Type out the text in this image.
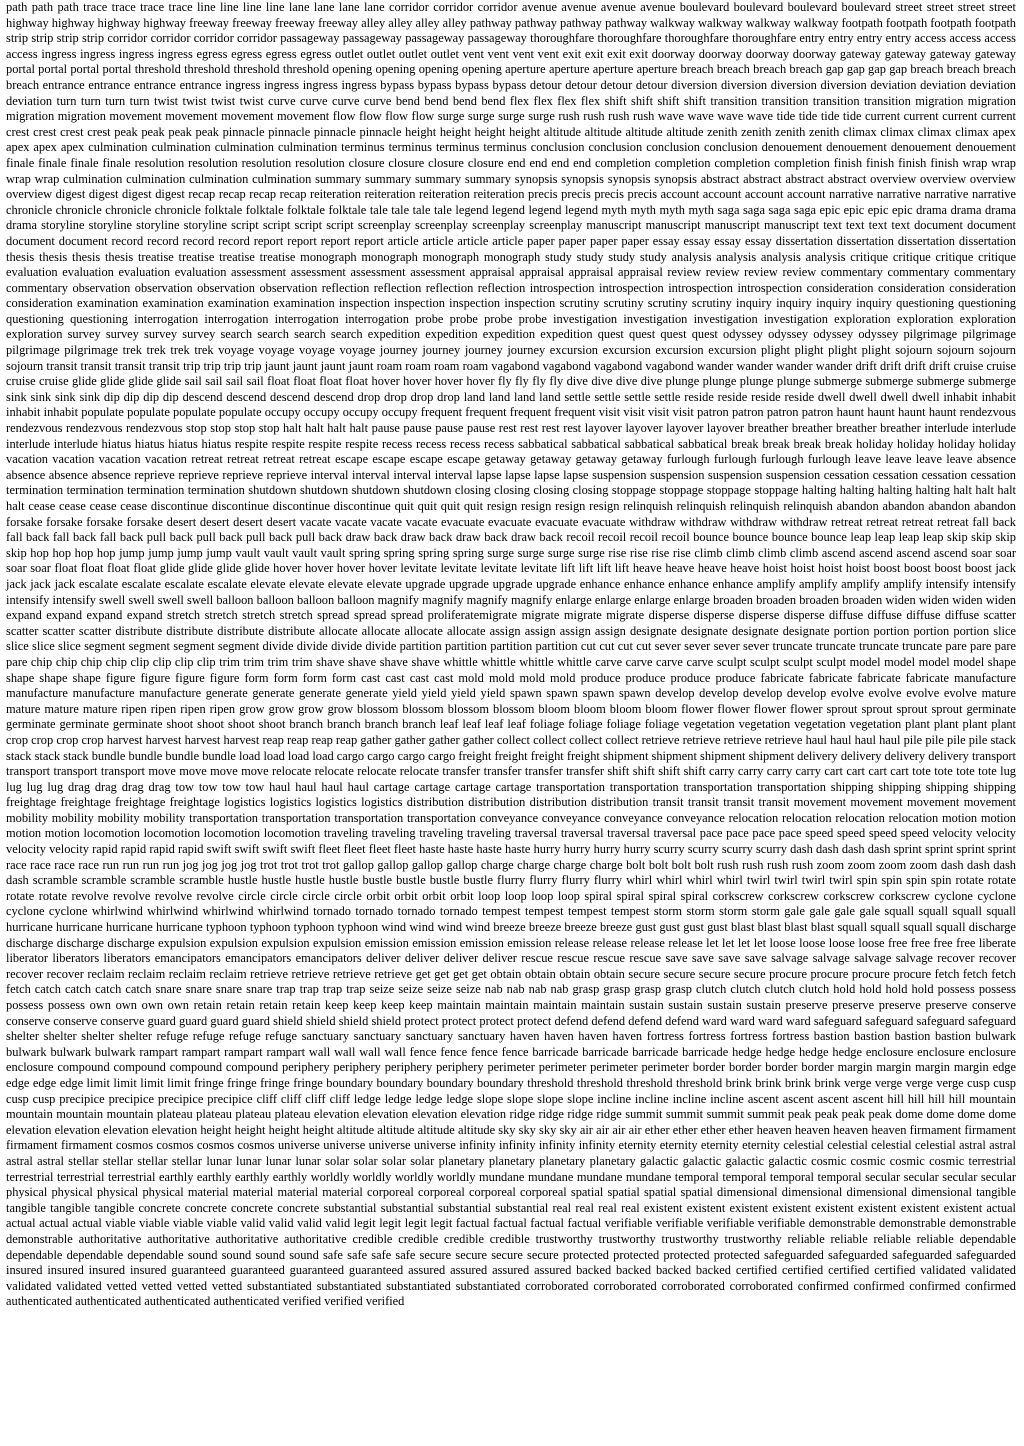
path path path trace trace trace trace line line line line lane lane lane lane corridor corridor corridor avenue avenue avenue avenue boulevard boulevard boulevard boulevard street street street street highway highway highway highway freeway freeway freeway freeway alley alley alley alley pathway pathway pathway pathway walkway walkway walkway walkway footpath footpath footpath footpath strip strip strip strip corridor corridor corridor corridor passageway passageway passageway passageway thoroughfare thoroughfare thoroughfare thoroughfare entry entry entry entry access access access access ingress ingress ingress ingress egress egress egress egress outlet outlet outlet outlet vent vent vent vent exit exit exit exit doorway doorway doorway doorway gateway gateway gateway gateway portal portal portal portal threshold threshold threshold threshold opening opening opening opening aperture aperture aperture aperture breach breach breach breach gap gap gap gap breach breach breach breach entrance entrance entrance entrance ingress ingress ingress ingress bypass bypass bypass bypass detour detour detour detour diversion diversion diversion diversion deviation deviation deviation deviation turn turn turn turn twist twist twist twist curve curve curve curve bend bend bend bend flex flex flex flex shift shift shift shift transition transition transition transition migration migration migration migration movement movement movement movement flow flow flow flow surge surge surge surge rush rush rush rush wave wave wave wave tide tide tide tide current current current current crest crest crest crest peak peak peak peak pinnacle pinnacle pinnacle pinnacle height height height height altitude altitude altitude altitude zenith zenith zenith zenith climax climax climax climax apex apex apex apex culmination culmination culmination culmination terminus terminus terminus terminus conclusion conclusion conclusion conclusion denouement denouement denouement denouement finale finale finale finale resolution resolution resolution resolution closure closure closure closure end end end end completion completion completion completion finish finish finish finish wrap wrap wrap wrap culmination culmination culmination culmination summary summary summary summary synopsis synopsis synopsis synopsis abstract abstract abstract abstract overview overview overview overview digest digest digest digest recap recap recap recap reiteration reiteration reiteration reiteration precis precis precis precis account account account account narrative narrative narrative narrative chronicle chronicle chronicle chronicle folktale folktale folktale folktale tale tale tale tale legend legend legend legend myth myth myth myth saga saga saga saga epic epic epic epic drama drama drama drama storyline storyline storyline storyline script script script script screenplay screenplay screenplay screenplay manuscript manuscript manuscript manuscript text text text text document document document document record record record record report report report report article article article article paper paper paper paper essay essay essay essay dissertation dissertation dissertation dissertation thesis thesis thesis thesis treatise treatise treatise treatise monograph monograph monograph monograph study study study study analysis analysis analysis analysis critique critique critique critique evaluation evaluation evaluation evaluation assessment assessment assessment assessment appraisal appraisal appraisal appraisal review review review review commentary commentary commentary commentary observation observation observation observation reflection reflection reflection reflection introspection introspection introspection introspection consideration consideration consideration consideration examination examination examination examination inspection inspection inspection inspection scrutiny scrutiny scrutiny scrutiny inquiry inquiry inquiry inquiry questioning questioning questioning questioning interrogation interrogation interrogation interrogation probe probe probe probe investigation investigation investigation investigation exploration exploration exploration exploration survey survey survey survey search search search search expedition expedition expedition expedition quest quest quest quest odyssey odyssey odyssey odyssey pilgrimage pilgrimage pilgrimage pilgrimage trek trek trek trek voyage voyage voyage voyage journey journey journey journey excursion excursion excursion excursion plight plight plight plight sojourn sojourn sojourn sojourn transit transit transit transit trip trip trip trip jaunt jaunt jaunt jaunt roam roam roam roam vagabond vagabond vagabond vagabond wander wander wander wander drift drift drift drift cruise cruise cruise cruise glide glide glide glide sail sail sail sail float float float float hover hover hover hover fly fly fly fly dive dive dive dive plunge plunge plunge plunge submerge submerge submerge submerge sink sink sink sink dip dip dip dip descend descend descend descend drop drop drop drop land land land land settle settle settle settle reside reside reside reside dwell dwell dwell dwell inhabit inhabit inhabit inhabit populate populate populate populate occupy occupy occupy occupy frequent frequent frequent frequent visit visit visit visit patron patron patron patron haunt haunt haunt haunt rendezvous rendezvous rendezvous rendezvous stop stop stop stop halt halt halt halt pause pause pause pause rest rest rest rest layover layover layover layover breather breather breather breather interlude interlude interlude interlude hiatus hiatus hiatus hiatus respite respite respite respite recess recess recess recess sabbatical sabbatical sabbatical sabbatical break break break break holiday holiday holiday holiday vacation vacation vacation vacation retreat retreat retreat retreat escape escape escape escape getaway getaway getaway getaway furlough furlough furlough furlough leave leave leave leave absence absence absence absence reprieve reprieve reprieve reprieve interval interval interval interval lapse lapse lapse lapse suspension suspension suspension suspension cessation cessation cessation cessation termination termination termination termination shutdown shutdown shutdown shutdown closing closing closing closing stoppage stoppage stoppage stoppage halting halting halting halting halt halt halt halt cease cease cease cease discontinue discontinue discontinue discontinue quit quit quit quit resign resign resign resign relinquish relinquish relinquish relinquish abandon abandon abandon abandon forsake forsake forsake forsake desert desert desert desert vacate vacate vacate vacate evacuate evacuate evacuate evacuate withdraw withdraw withdraw withdraw retreat retreat retreat retreat fall back fall back fall back fall back pull back pull back pull back pull back draw back draw back draw back draw back recoil recoil recoil recoil bounce bounce bounce bounce leap leap leap leap skip skip skip skip hop hop hop hop jump jump jump jump vault vault vault vault spring spring spring spring surge surge surge surge rise rise rise rise climb climb climb climb ascend ascend ascend ascend soar soar soar soar float float float float glide glide glide glide hover hover hover hover levitate levitate levitate levitate lift lift lift lift heave heave heave heave hoist hoist hoist hoist boost boost boost boost jack jack jack jack escalate escalate escalate escalate elevate elevate elevate elevate upgrade upgrade upgrade upgrade enhance enhance enhance enhance amplify amplify amplify amplify intensify intensify intensify intensify swell swell swell swell balloon balloon balloon balloon magnify magnify magnify magnify enlarge enlarge enlarge enlarge broaden broaden broaden broaden widen widen widen widen expand expand expand expand stretch stretch stretch stretch spread spread spread proliferatemigrate migrate migrate migrate disperse disperse disperse disperse diffuse diffuse diffuse diffuse scatter scatter scatter scatter distribute distribute distribute distribute allocate allocate allocate allocate assign assign assign assign designate designate designate designate portion portion portion portion slice slice slice slice segment segment segment segment divide divide divide divide partition partition partition partition cut cut cut cut sever sever sever sever truncate truncate truncate truncate pare pare pare pare chip chip chip chip clip clip clip clip trim trim trim trim shave shave shave shave whittle whittle whittle whittle carve carve carve carve sculpt sculpt sculpt sculpt model model model model shape shape shape shape figure figure figure figure form form form form cast cast cast cast mold mold mold mold produce produce produce produce fabricate fabricate fabricate fabricate manufacture manufacture manufacture manufacture generate generate generate generate yield yield yield yield spawn spawn spawn spawn develop develop develop develop evolve evolve evolve evolve mature mature mature mature ripen ripen ripen ripen grow grow grow grow blossom blossom blossom blossom bloom bloom bloom bloom flower flower flower flower sprout sprout sprout sprout germinate germinate germinate germinate shoot shoot shoot shoot branch branch branch branch leaf leaf leaf leaf foliage foliage foliage foliage vegetation vegetation vegetation vegetation plant plant plant plant crop crop crop crop harvest harvest harvest harvest reap reap reap reap gather gather gather gather collect collect collect collect retrieve retrieve retrieve retrieve haul haul haul haul pile pile pile pile stack stack stack stack bundle bundle bundle bundle load load load load cargo cargo cargo cargo freight freight freight freight shipment shipment shipment shipment delivery delivery delivery delivery transport transport transport transport move move move move relocate relocate relocate relocate transfer transfer transfer transfer shift shift shift shift carry carry carry carry cart cart cart cart tote tote tote tote lug lug lug lug drag drag drag drag tow tow tow tow haul haul haul haul cartage cartage cartage cartage transportation transportation transportation transportation shipping shipping shipping shipping freightage freightage freightage freightage logistics logistics logistics logistics distribution distribution distribution distribution transit transit transit transit movement movement movement movement mobility mobility mobility mobility transportation transportation transportation transportation conveyance conveyance conveyance conveyance relocation relocation relocation relocation motion motion motion motion locomotion locomotion locomotion locomotion traveling traveling traveling traveling traversal traversal traversal traversal pace pace pace pace speed speed speed speed velocity velocity velocity velocity rapid rapid rapid rapid swift swift swift swift fleet fleet fleet fleet haste haste haste haste hurry hurry hurry hurry scurry scurry scurry scurry dash dash dash dash sprint sprint sprint sprint race race race race run run run run jog jog jog jog trot trot trot trot gallop gallop gallop gallop charge charge charge charge bolt bolt bolt bolt rush rush rush rush zoom zoom zoom zoom dash dash dash dash scramble scramble scramble scramble hustle hustle hustle hustle bustle bustle bustle bustle flurry flurry flurry flurry whirl whirl whirl whirl twirl twirl twirl twirl spin spin spin spin rotate rotate rotate rotate revolve revolve revolve revolve circle circle circle circle orbit orbit orbit orbit loop loop loop loop spiral spiral spiral spiral corkscrew corkscrew corkscrew corkscrew cyclone cyclone cyclone cyclone whirlwind whirlwind whirlwind whirlwind tornado tornado tornado tornado tempest tempest tempest tempest storm storm storm storm gale gale gale gale squall squall squall squall hurricane hurricane hurricane hurricane typhoon typhoon typhoon typhoon wind wind wind wind breeze breeze breeze breeze gust gust gust gust blast blast blast blast squall squall squall squall discharge discharge discharge discharge expulsion expulsion expulsion expulsion emission emission emission emission release release release release let let let let loose loose loose loose free free free free liberate liberator liberators liberators emancipators emancipators emancipators deliver deliver deliver deliver rescue rescue rescue rescue save save save save salvage salvage salvage salvage recover recover recover recover reclaim reclaim reclaim reclaim retrieve retrieve retrieve retrieve get get get get obtain obtain obtain obtain secure secure secure secure procure procure procure procure fetch fetch fetch fetch catch catch catch catch snare snare snare snare trap trap trap trap seize seize seize seize nab nab nab nab grasp grasp grasp grasp clutch clutch clutch clutch hold hold hold hold possess possess possess possess own own own own retain retain retain retain keep keep keep keep maintain maintain maintain maintain sustain sustain sustain sustain preserve preserve preserve preserve conserve conserve conserve conserve guard guard guard guard shield shield shield shield protect protect protect protect defend defend defend defend ward ward ward ward safeguard safeguard safeguard safeguard shelter shelter shelter shelter refuge refuge refuge refuge sanctuary sanctuary sanctuary sanctuary haven haven haven haven fortress fortress fortress fortress bastion bastion bastion bastion bulwark bulwark bulwark bulwark rampart rampart rampart rampart wall wall wall wall fence fence fence fence barricade barricade barricade barricade hedge hedge hedge hedge enclosure enclosure enclosure enclosure compound compound compound compound periphery periphery periphery periphery perimeter perimeter perimeter perimeter border border border border margin margin margin margin edge edge edge edge limit limit limit limit fringe fringe fringe fringe boundary boundary boundary boundary threshold threshold threshold threshold brink brink brink brink verge verge verge verge cusp cusp cusp cusp precipice precipice precipice precipice cliff cliff cliff cliff ledge ledge ledge ledge slope slope slope slope incline incline incline incline ascent ascent ascent ascent hill hill hill hill mountain mountain mountain mountain plateau plateau plateau plateau elevation elevation elevation elevation ridge ridge ridge ridge summit summit summit summit peak peak peak peak dome dome dome dome elevation elevation elevation elevation height height height height altitude altitude altitude altitude sky sky sky sky air air air air ether ether ether ether heaven heaven heaven heaven firmament firmament firmament firmament cosmos cosmos cosmos cosmos universe universe universe universe infinity infinity infinity infinity eternity eternity eternity eternity celestial celestial celestial celestial astral astral astral astral stellar stellar stellar stellar lunar lunar lunar lunar solar solar solar solar planetary planetary planetary planetary galactic galactic galactic galactic cosmic cosmic cosmic cosmic terrestrial terrestrial terrestrial terrestrial earthly earthly earthly earthly worldly worldly worldly worldly mundane mundane mundane mundane temporal temporal temporal temporal secular secular secular secular physical physical physical physical material material material material corporeal corporeal corporeal corporeal spatial spatial spatial spatial dimensional dimensional dimensional dimensional tangible tangible tangible tangible concrete concrete concrete concrete substantial substantial substantial substantial real real real real existent existent existent existent existent existent existent existent actual actual actual actual viable viable viable viable valid valid valid valid legit legit legit legit factual factual factual factual verifiable verifiable verifiable verifiable demonstrable demonstrable demonstrable demonstrable authoritative authoritative authoritative authoritative credible credible credible credible trustworthy trustworthy trustworthy trustworthy reliable reliable reliable reliable dependable dependable dependable dependable sound sound sound sound safe safe safe safe secure secure secure secure protected protected protected protected safeguarded safeguarded safeguarded safeguarded insured insured insured insured guaranteed guaranteed guaranteed guaranteed assured assured assured assured backed backed backed backed certified certified certified certified validated validated validated validated vetted vetted vetted vetted substantiated substantiated substantiated substantiated corroborated corroborated corroborated corroborated confirmed confirmed confirmed confirmed authenticated authenticated authenticated authenticated verified verified verified
